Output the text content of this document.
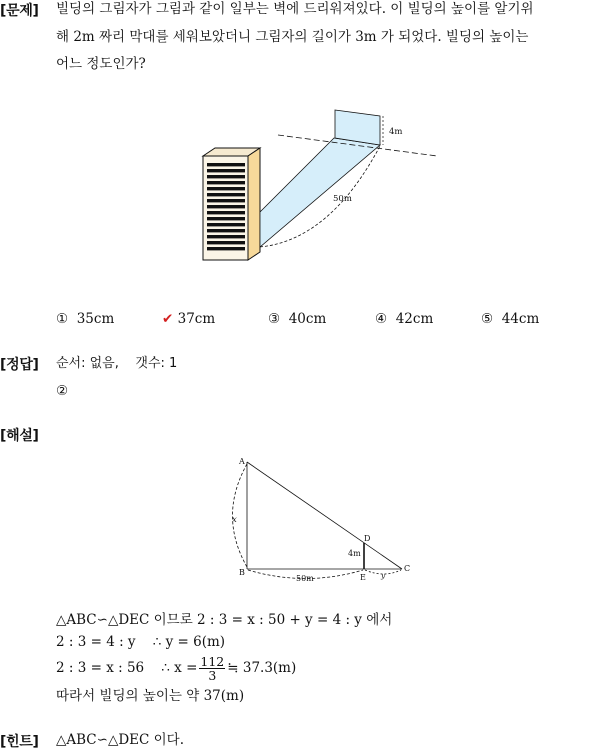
[문제] 빌딩의 그림자가 그림과 같이 일부는 벽에 드리워져있다. 이 빌딩의 높이를 알기위
해 2m 짜리 막대를 세워보았더니 그림자의 길이가 3m 가 되었다. 빌딩의 높이는
어느 정도인가?
4m
50m
① 35cm	✔ 37cm	③ 40cm	④ 42cm	⑤ 44cm
[정답] 순서: 없음,    갯수: 1
②
[해설]
A
B	C
D
E
x
4m
50m	y
△ABC∽△DEC 이므로 2 : 3 = x : 50 + y = 4 : y 에서
2 : 3 = 4 : y    ∴ y = 6(m)
2 : 3 = x : 56    ∴ $x = \frac{112}{3}$ ≒ 37.3(m)
따라서 빌딩의 높이는 약 37(m)
[힌트] △ABC∽△DEC 이다.
